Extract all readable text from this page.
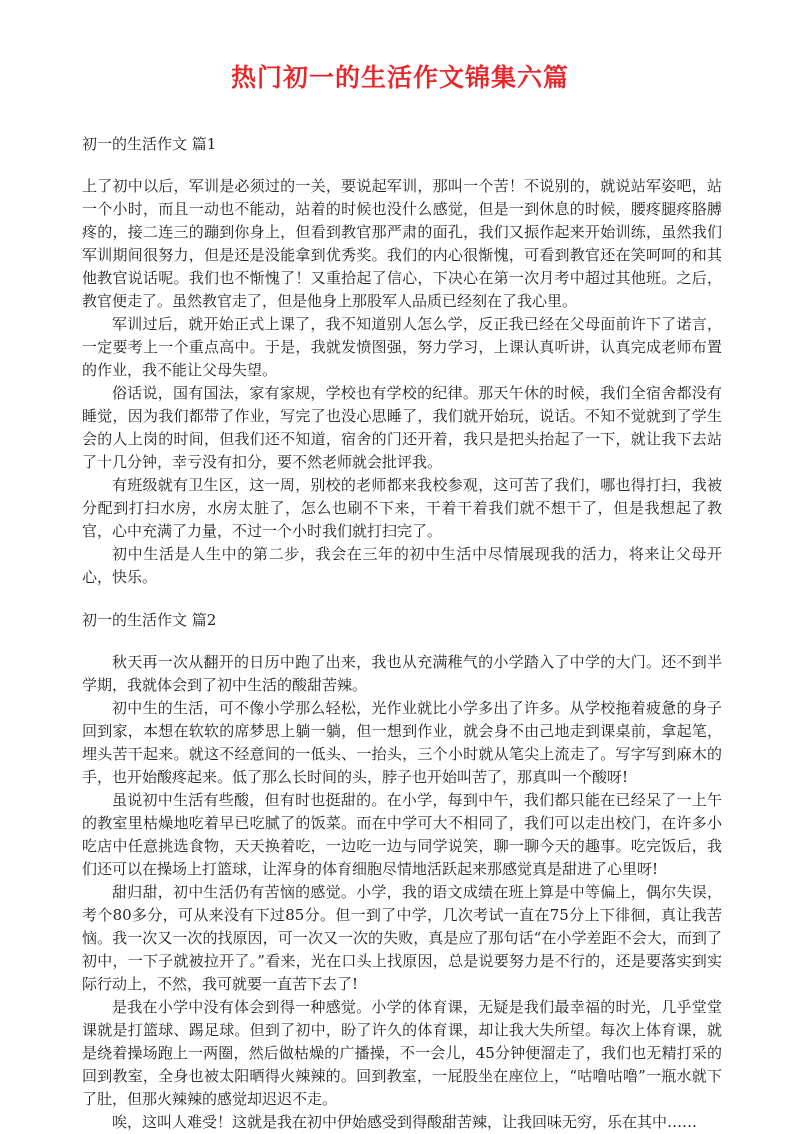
热门初一的生活作文锦集六篇
初一的生活作文 篇1

上了初中以后，军训是必须过的一关，要说起军训，那叫一个苦！不说别的，就说站军姿吧，站一个小时，而且一动也不能动，站着的时候也没什么感觉，但是一到休息的时候，腰疼腿疼胳膊疼的，接二连三的蹦到你身上，但看到教官那严肃的面孔，我们又振作起来开始训练，虽然我们军训期间很努力，但是还是没能拿到优秀奖。我们的内心很惭愧，可看到教官还在笑呵呵的和其他教官说话呢。我们也不惭愧了！又重拾起了信心，下决心在第一次月考中超过其他班。之后，教官便走了。虽然教官走了，但是他身上那股军人品质已经刻在了我心里。

军训过后，就开始正式上课了，我不知道别人怎么学，反正我已经在父母面前许下了诺言，一定要考上一个重点高中。于是，我就发愤图强，努力学习，上课认真听讲，认真完成老师布置的作业，我不能让父母失望。

俗话说，国有国法，家有家规，学校也有学校的纪律。那天午休的时候，我们全宿舍都没有睡觉，因为我们都带了作业，写完了也没心思睡了，我们就开始玩，说话。不知不觉就到了学生会的人上岗的时间，但我们还不知道，宿舍的门还开着，我只是把头抬起了一下，就让我下去站了十几分钟，幸亏没有扣分，要不然老师就会批评我。

有班级就有卫生区，这一周，别校的老师都来我校参观，这可苦了我们，哪也得打扫，我被分配到打扫水房，水房太脏了，怎么也刷不下来，干着干着我们就不想干了，但是我想起了教官，心中充满了力量，不过一个小时我们就打扫完了。

初中生活是人生中的第二步，我会在三年的初中生活中尽情展现我的活力，将来让父母开心，快乐。

初一的生活作文 篇2

秋天再一次从翻开的日历中跑了出来，我也从充满稚气的小学踏入了中学的大门。还不到半学期，我就体会到了初中生活的酸甜苦辣。

初中生的生活，可不像小学那么轻松，光作业就比小学多出了许多。从学校拖着疲惫的身子回到家，本想在软软的席梦思上躺一躺，但一想到作业，就会身不由己地走到课桌前，拿起笔，埋头苦干起来。就这不经意间的一低头、一抬头，三个小时就从笔尖上流走了。写字写到麻木的手，也开始酸疼起来。低了那么长时间的头，脖子也开始叫苦了，那真叫一个酸呀!

虽说初中生活有些酸，但有时也挺甜的。在小学，每到中午，我们都只能在已经呆了一上午的教室里枯燥地吃着早已吃腻了的饭菜。而在中学可大不相同了，我们可以走出校门，在许多小吃店中任意挑选食物，天天换着吃，一边吃一边与同学说笑，聊一聊今天的趣事。吃完饭后，我们还可以在操场上打篮球，让浑身的体育细胞尽情地活跃起来那感觉真是甜进了心里呀!

甜归甜，初中生活仍有苦恼的感觉。小学，我的语文成绩在班上算是中等偏上，偶尔失误，考个80多分，可从来没有下过85分。但一到了中学，几次考试一直在75分上下徘徊，真让我苦恼。我一次又一次的找原因，可一次又一次的失败，真是应了那句话“在小学差距不会大，而到了初中，一下子就被拉开了。”看来，光在口头上找原因，总是说要努力是不行的，还是要落实到实际行动上，不然，我可就要一直苦下去了!

是我在小学中没有体会到得一种感觉。小学的体育课，无疑是我们最幸福的时光，几乎堂堂课就是打篮球、踢足球。但到了初中，盼了许久的体育课，却让我大失所望。每次上体育课，就是绕着操场跑上一两圈，然后做枯燥的广播操，不一会儿，45分钟便溜走了，我们也无精打采的回到教室，全身也被太阳晒得火辣辣的。回到教室，一屁股坐在座位上，“咕噜咕噜”一瓶水就下了肚，但那火辣辣的感觉却迟迟不走。

唉，这叫人难受！这就是我在初中伊始感受到得酸甜苦辣，让我回味无穷，乐在其中……
